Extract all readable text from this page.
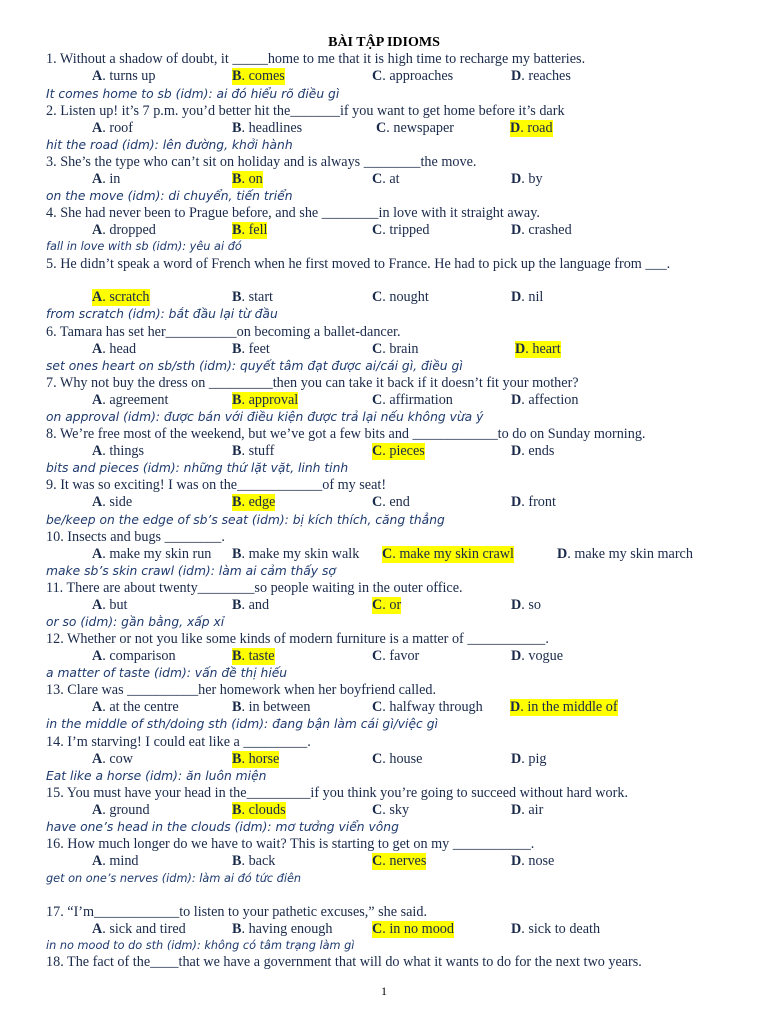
BÀI TẬP IDIOMS
1. Without a shadow of doubt, it _____home to me that it is high time to recharge my batteries.
A. turns up	B. comes	C. approaches	D. reaches
It comes home to sb (idm): ai đó hiểu rõ điều gì
2. Listen up! it’s 7 p.m. you’d better hit the_______if you want to get home before it’s dark
A. roof	B. headlines	C. newspaper	D. road
hit the road (idm): lên đường, khởi hành
3. She’s the type who can’t sit on holiday and is always ________the move.
A. in	B. on	C. at	D. by
on the move (idm): di chuyển, tiến triển
4. She had never been to Prague before, and she ________in love with it straight away.
A. dropped	B. fell	C. tripped	D. crashed
fall in love with sb (idm): yêu ai đó
5. He didn’t speak a word of French when he first moved to France. He had to pick up the language from ___.
A. scratch	B. start	C. nought	D. nil
from scratch (idm): bắt đầu lại từ đầu
6. Tamara has set her__________on becoming a ballet-dancer.
A. head	B. feet	C. brain	D. heart
set ones heart on sb/sth (idm): quyết tâm đạt được ai/cái gì, điều gì
7. Why not buy the dress on _________then you can take it back if it doesn’t fit your mother?
A. agreement	B. approval	C. affirmation	D. affection
on approval (idm): được bán với điều kiện được trả lại nếu không vừa ý
8. We’re free most of the weekend, but we’ve got a few bits and ____________to do on Sunday morning.
A. things	B. stuff	C. pieces	D. ends
bits and pieces (idm): những thứ lặt vặt, linh tinh
9. It was so exciting! I was on the____________of my seat!
A. side	B. edge	C. end	D. front
be/keep on the edge of sb’s seat (idm): bị kích thích, căng thẳng
10. Insects and bugs ________.
A. make my skin run B. make my skin walk C. make my skin crawl	D. make my skin march
make sb’s skin crawl (idm): làm ai cảm thấy sợ
11. There are about twenty________so people waiting in the outer office.
A. but	B. and	C. or	D. so
or so (idm): gần bằng, xấp xỉ
12. Whether or not you like some kinds of modern furniture is a matter of ___________.
A. comparison	B. taste	C. favor	D. vogue
a matter of taste (idm): vấn đề thị hiếu
13. Clare was __________her homework when her boyfriend called.
A. at the centre	B. in between	C. halfway through D. in the middle of
in the middle of sth/doing sth (idm): đang bận làm cái gì/việc gì
14. I’m starving! I could eat like a _________.
A. cow	B. horse	C. house	D. pig
Eat like a horse (idm): ăn luôn miện
15. You must have your head in the_________if you think you’re going to succeed without hard work.
A. ground	B. clouds	C. sky	D. air
have one’s head in the clouds (idm): mơ tưởng viển vông
16. How much longer do we have to wait? This is starting to get on my ___________.
A. mind	B. back	C. nerves	D. nose
get on one’s nerves (idm): làm ai đó tức điên
17. “I’m____________to listen to your pathetic excuses,” she said.
A. sick and tired	B. having enough	C. in no mood	D. sick to death
in no mood to do sth (idm): không có tâm trạng làm gì
18. The fact of the____that we have a government that will do what it wants to do for the next two years.
1
